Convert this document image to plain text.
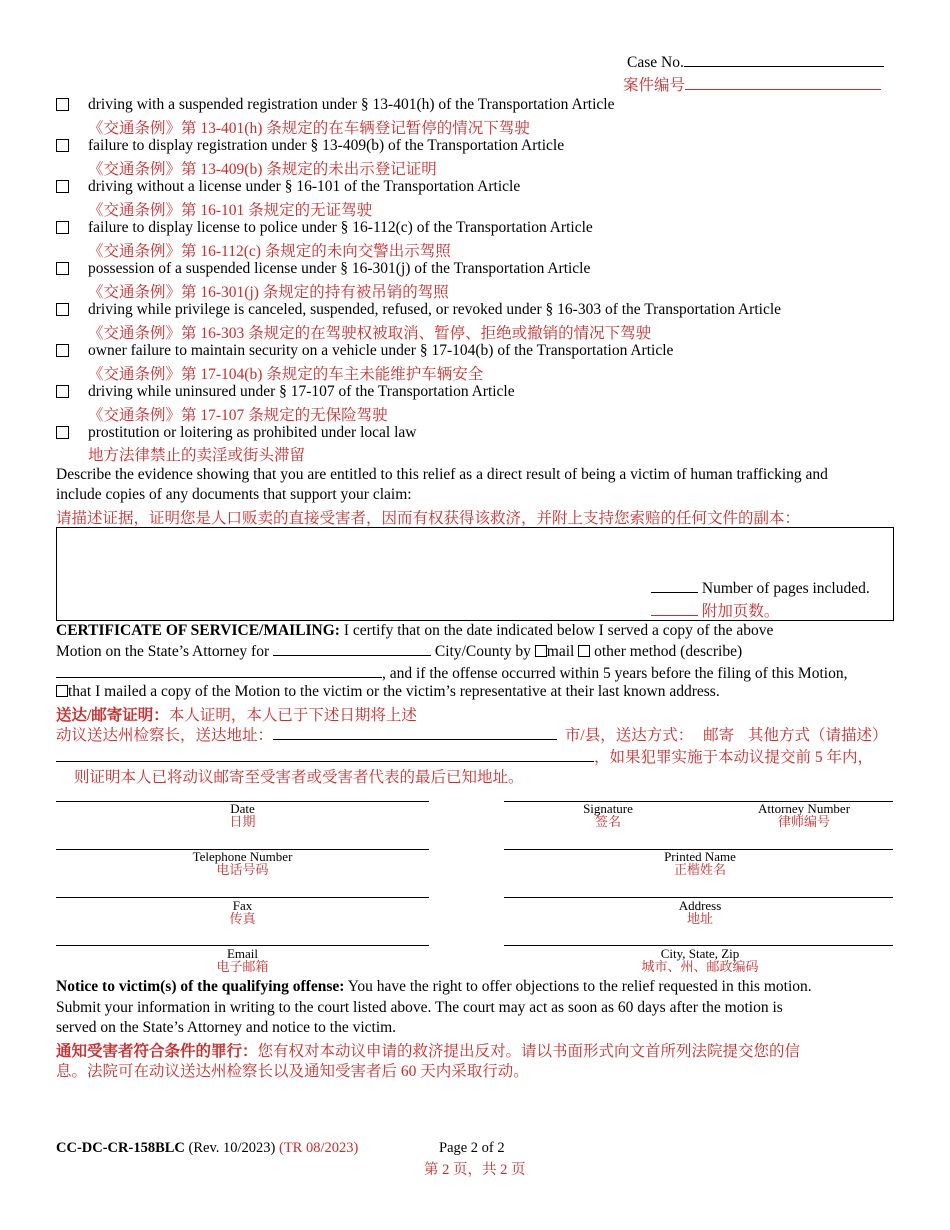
Case No.
案件编号
driving with a suspended registration under § 13-401(h) of the Transportation Article
《交通条例》第 13-401(h) 条规定的在车辆登记暂停的情况下驾驶
failure to display registration under § 13-409(b) of the Transportation Article
《交通条例》第 13-409(b) 条规定的未出示登记证明
driving without a license under § 16-101 of the Transportation Article
《交通条例》第 16-101 条规定的无证驾驶
failure to display license to police under § 16-112(c) of the Transportation Article
《交通条例》第 16-112(c) 条规定的未向交警出示驾照
possession of a suspended license under § 16-301(j) of the Transportation Article
《交通条例》第 16-301(j) 条规定的持有被吊销的驾照
driving while privilege is canceled, suspended, refused, or revoked under § 16-303 of the Transportation Article
《交通条例》第 16-303 条规定的在驾驶权被取消、暂停、拒绝或撤销的情况下驾驶
owner failure to maintain security on a vehicle under § 17-104(b) of the Transportation Article
《交通条例》第 17-104(b) 条规定的车主未能维护车辆安全
driving while uninsured under § 17-107 of the Transportation Article
《交通条例》第 17-107 条规定的无保险驾驶
prostitution or loitering as prohibited under local law
地方法律禁止的卖淫或街头滞留
Describe the evidence showing that you are entitled to this relief as a direct result of being a victim of human trafficking and
include copies of any documents that support your claim:
请描述证据，证明您是人口贩卖的直接受害者，因而有权获得该救济，并附上支持您索赔的任何文件的副本：
Number of pages included.
附加页数。
CERTIFICATE OF SERVICE/MAILING: I certify that on the date indicated below I served a copy of the above
Motion on the State’s Attorney for	City/County by mail other method (describe)
, and if the offense occurred within 5 years before the filing of this Motion,
that I mailed a copy of the Motion to the victim or the victim’s representative at their last known address.
送达/邮寄证明：本人证明，本人已于下述日期将上述
动议送达州检察长，送达地址：	市/县，送达方式： 邮寄 其他方式（请描述）
，如果犯罪实施于本动议提交前 5 年内，
则证明本人已将动议邮寄至受害者或受害者代表的最后已知地址。
Date
日期
Signature
签名
Attorney Number
律师编号
Telephone Number
电话号码
Printed Name
正楷姓名
Fax
传真
Address
地址
Email
电子邮箱
City, State, Zip
城市、州、邮政编码
Notice to victim(s) of the qualifying offense: You have the right to offer objections to the relief requested in this motion.
Submit your information in writing to the court listed above. The court may act as soon as 60 days after the motion is
served on the State’s Attorney and notice to the victim.
通知受害者符合条件的罪行：您有权对本动议申请的救济提出反对。请以书面形式向文首所列法院提交您的信
息。法院可在动议送达州检察长以及通知受害者后 60 天内采取行动。
CC-DC-CR-158BLC (Rev. 10/2023) (TR 08/2023)	Page 2 of 2
第 2 页，共 2 页
